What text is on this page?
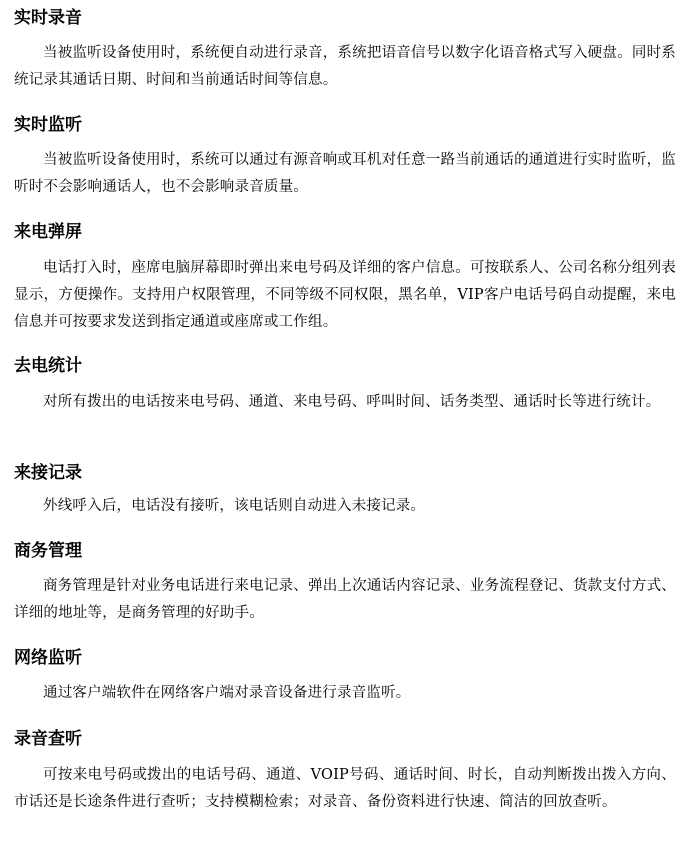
实时录音

当被监听设备使用时，系统便自动进行录音，系统把语音信号以数字化语音格式写入硬盘。同时系统记录其通话日期、时间和当前通话时间等信息。

实时监听

当被监听设备使用时，系统可以通过有源音响或耳机对任意一路当前通话的通道进行实时监听，监听时不会影响通话人，也不会影响录音质量。

来电弹屏

电话打入时，座席电脑屏幕即时弹出来电号码及详细的客户信息。可按联系人、公司名称分组列表显示，方便操作。支持用户权限管理，不同等级不同权限，黑名单，VIP客户电话号码自动提醒，来电信息并可按要求发送到指定通道或座席或工作组。

去电统计

对所有拨出的电话按来电号码、通道、来电号码、呼叫时间、话务类型、通话时长等进行统计。

来接记录

外线呼入后，电话没有接听，该电话则自动进入未接记录。

商务管理

商务管理是针对业务电话进行来电记录、弹出上次通话内容记录、业务流程登记、货款支付方式、详细的地址等，是商务管理的好助手。

网络监听

通过客户端软件在网络客户端对录音设备进行录音监听。

录音查听

可按来电号码或拨出的电话号码、通道、VOIP号码、通话时间、时长，自动判断拨出拨入方向、市话还是长途条件进行查听；支持模糊检索；对录音、备份资料进行快速、简洁的回放查听。
